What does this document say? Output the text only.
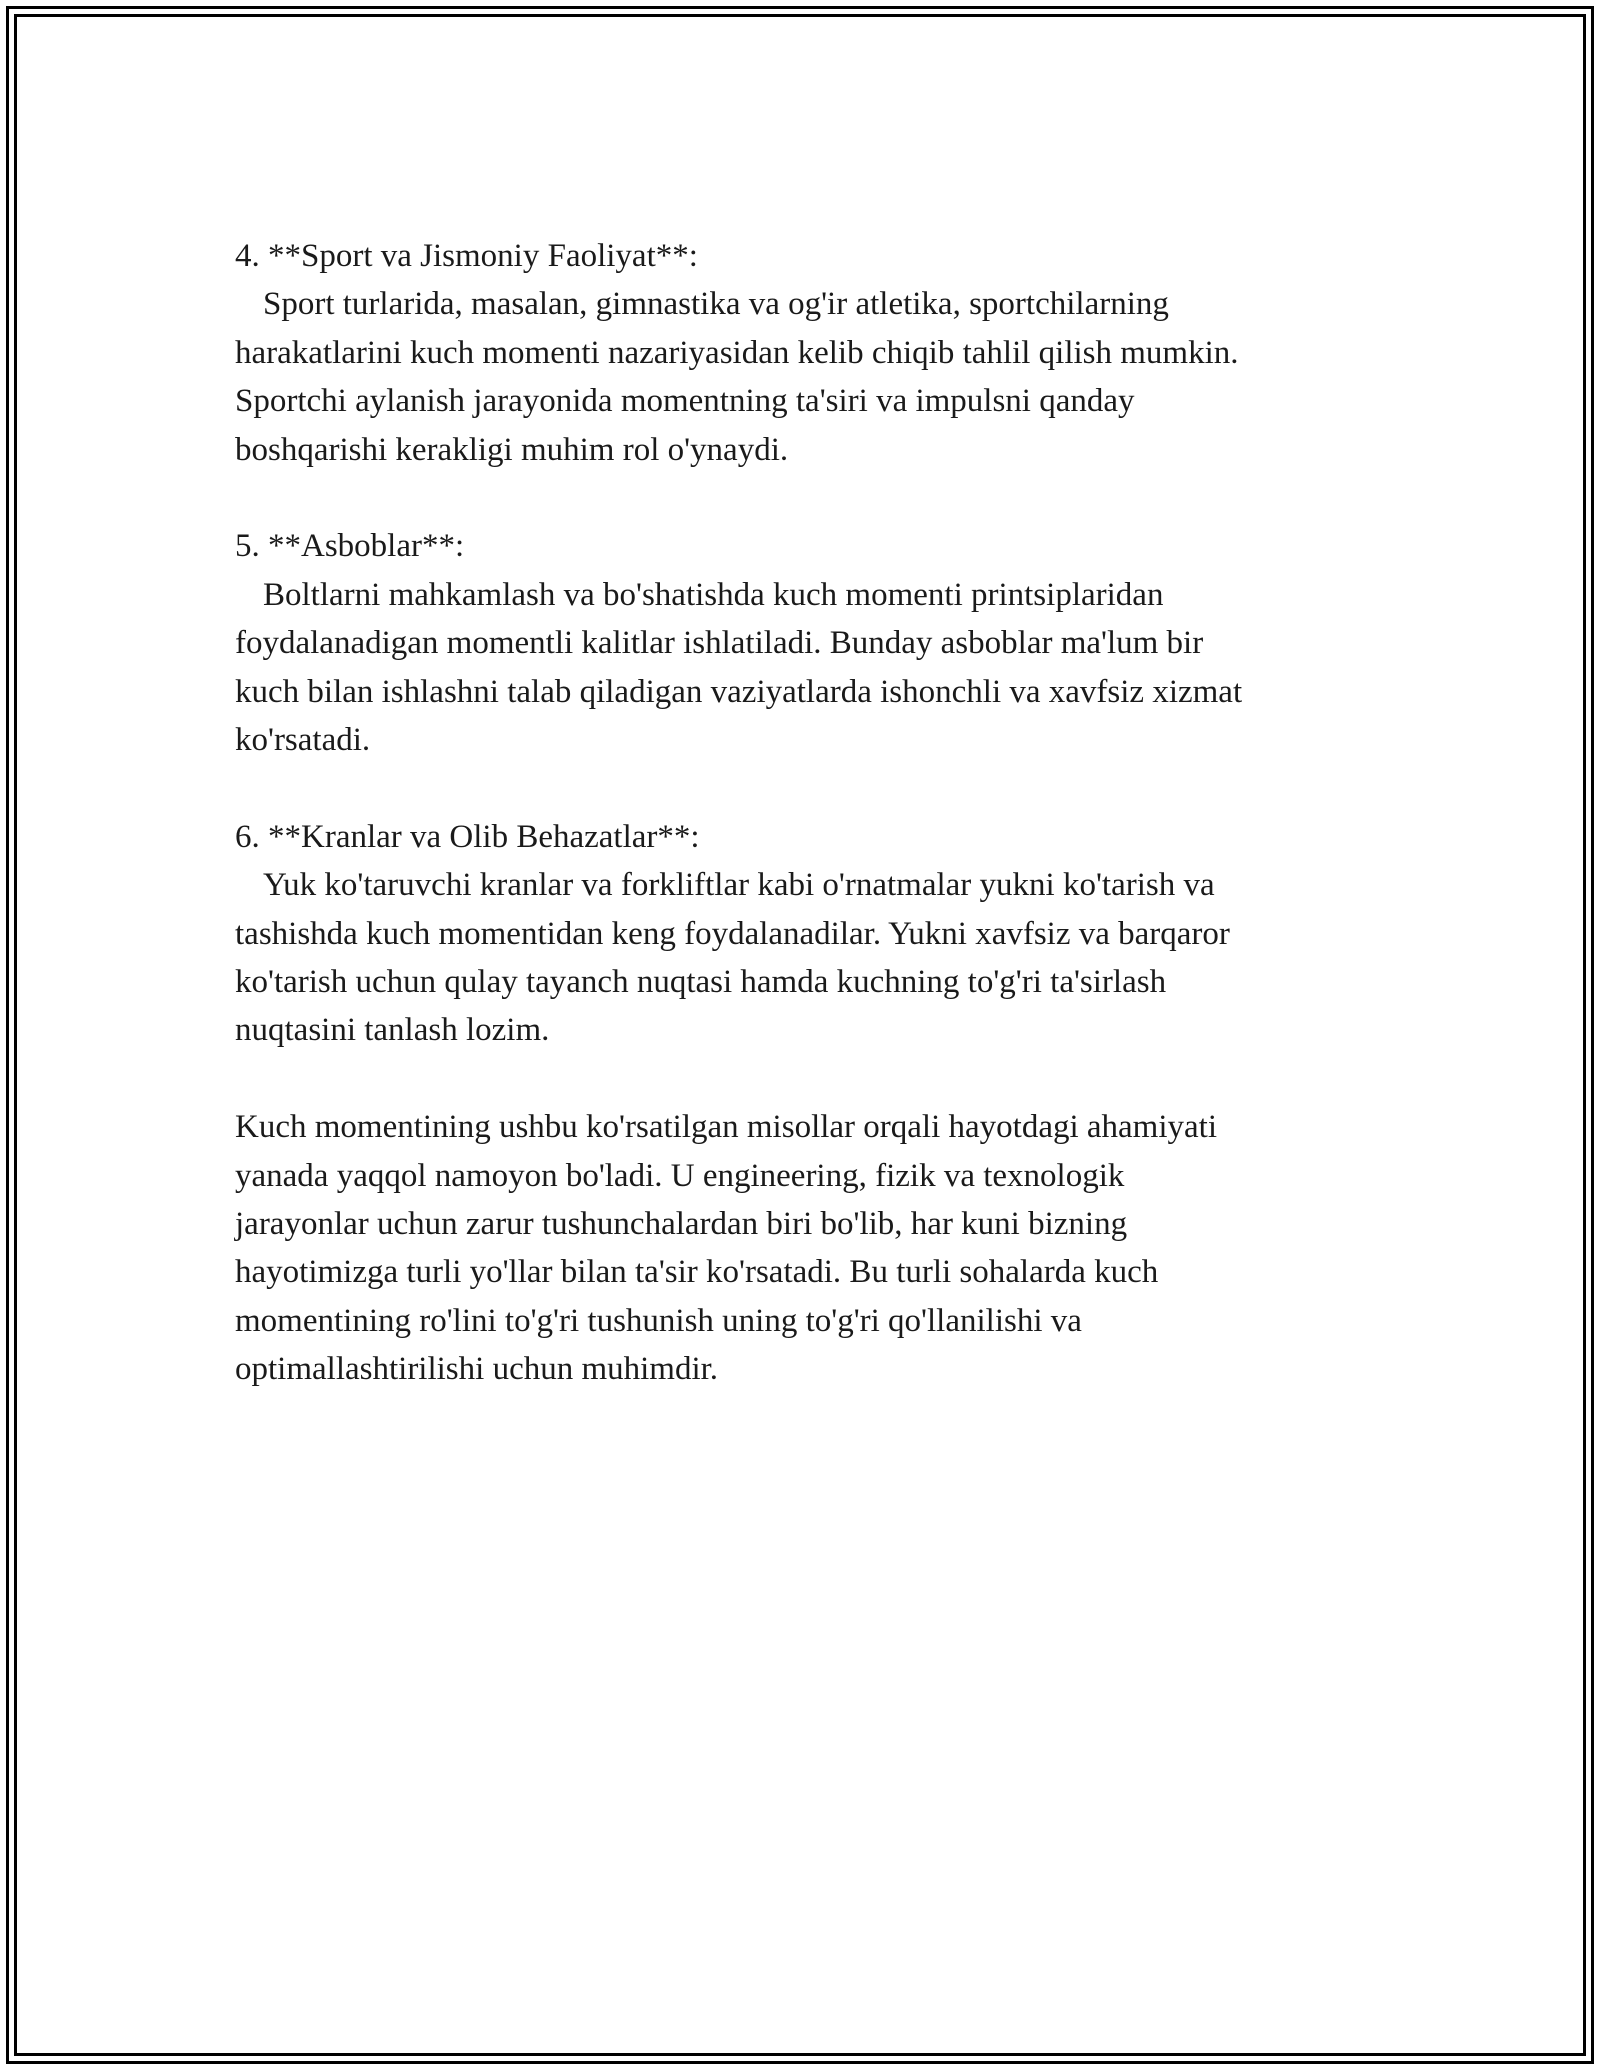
4. **Sport va Jismoniy Faoliyat**:
Sport turlarida, masalan, gimnastika va og'ir atletika, sportchilarning
harakatlarini kuch momenti nazariyasidan kelib chiqib tahlil qilish mumkin.
Sportchi aylanish jarayonida momentning ta'siri va impulsni qanday
boshqarishi kerakligi muhim rol o'ynaydi.
5. **Asboblar**:
Boltlarni mahkamlash va bo'shatishda kuch momenti printsiplaridan
foydalanadigan momentli kalitlar ishlatiladi. Bunday asboblar ma'lum bir
kuch bilan ishlashni talab qiladigan vaziyatlarda ishonchli va xavfsiz xizmat
ko'rsatadi.
6. **Kranlar va Olib Behazatlar**:
Yuk ko'taruvchi kranlar va forkliftlar kabi o'rnatmalar yukni ko'tarish va
tashishda kuch momentidan keng foydalanadilar. Yukni xavfsiz va barqaror
ko'tarish uchun qulay tayanch nuqtasi hamda kuchning to'g'ri ta'sirlash
nuqtasini tanlash lozim.
Kuch momentining ushbu ko'rsatilgan misollar orqali hayotdagi ahamiyati
yanada yaqqol namoyon bo'ladi. U engineering, fizik va texnologik
jarayonlar uchun zarur tushunchalardan biri bo'lib, har kuni bizning
hayotimizga turli yo'llar bilan ta'sir ko'rsatadi. Bu turli sohalarda kuch
momentining ro'lini to'g'ri tushunish uning to'g'ri qo'llanilishi va
optimallashtirilishi uchun muhimdir.
